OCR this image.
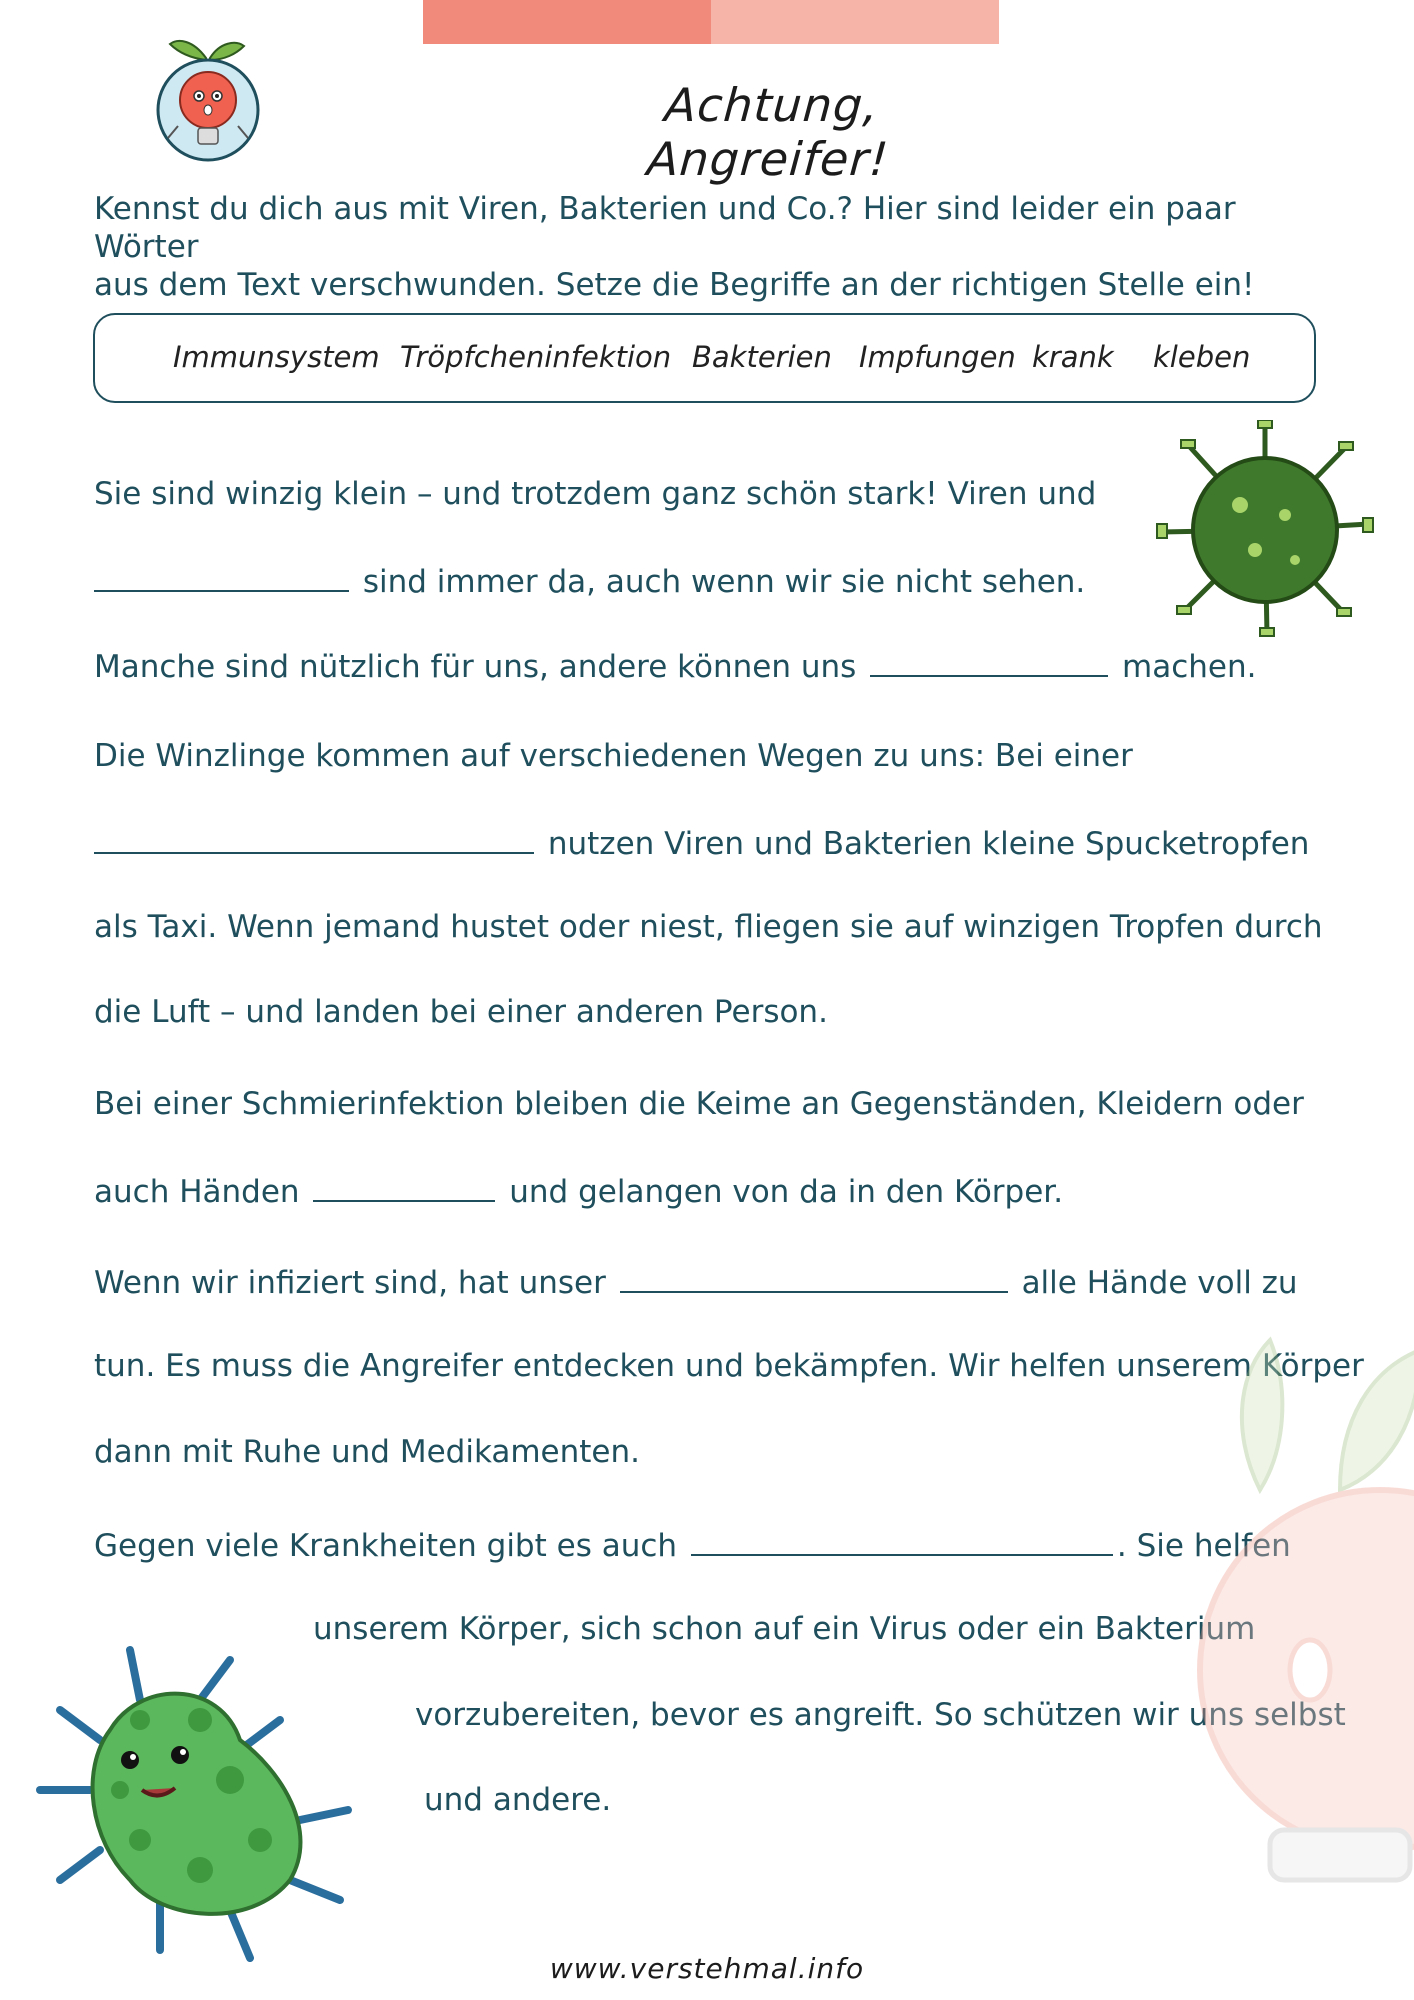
Achtung, Angreifer!
Kennst du dich aus mit Viren, Bakterien und Co.? Hier sind leider ein paar Wörter
aus dem Text verschwunden. Setze die Begriffe an der richtigen Stelle ein!
Immunsystem Tröpfcheninfektion Bakterien Impfungen krank kleben
Sie sind winzig klein – und trotzdem ganz schön stark! Viren und
sind immer da, auch wenn wir sie nicht sehen.
Manche sind nützlich für uns, andere können uns	machen.
Die Winzlinge kommen auf verschiedenen Wegen zu uns: Bei einer
nutzen Viren und Bakterien kleine Spucketropfen
als Taxi. Wenn jemand hustet oder niest, fliegen sie auf winzigen Tropfen durch
die Luft – und landen bei einer anderen Person.
Bei einer Schmierinfektion bleiben die Keime an Gegenständen, Kleidern oder
auch Händen	und gelangen von da in den Körper.
Wenn wir infiziert sind, hat unser	alle Hände voll zu
tun. Es muss die Angreifer entdecken und bekämpfen. Wir helfen unserem Körper
dann mit Ruhe und Medikamenten.
Gegen viele Krankheiten gibt es auch	. Sie helfen
unserem Körper, sich schon auf ein Virus oder ein Bakterium
vorzubereiten, bevor es angreift. So schützen wir uns selbst
und andere.
www.verstehmal.info
